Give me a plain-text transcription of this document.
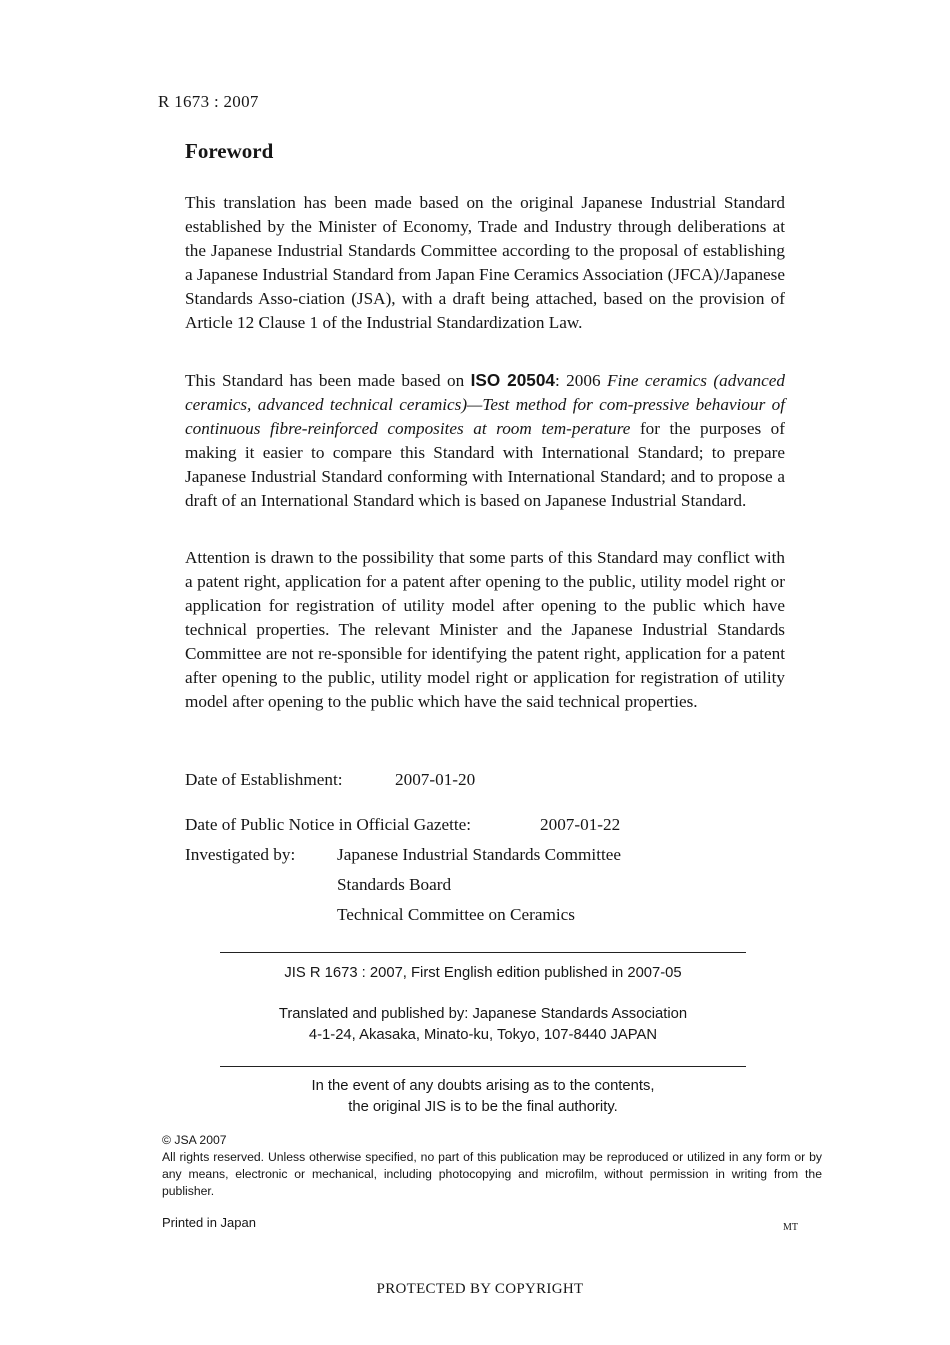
R 1673 : 2007
Foreword

This translation has been made based on the original Japanese Industrial Standard established by the Minister of Economy, Trade and Industry through deliberations at the Japanese Industrial Standards Committee according to the proposal of establishing a Japanese Industrial Standard from Japan Fine Ceramics Association (JFCA)/Japanese Standards Asso-ciation (JSA), with a draft being attached, based on the provision of Article 12 Clause 1 of the Industrial Standardization Law.

This Standard has been made based on ISO 20504: 2006 Fine ceramics (advanced ceramics, advanced technical ceramics)—Test method for com-pressive behaviour of continuous fibre-reinforced composites at room tem-perature for the purposes of making it easier to compare this Standard with International Standard; to prepare Japanese Industrial Standard conforming with International Standard; and to propose a draft of an International Standard which is based on Japanese Industrial Standard.

Attention is drawn to the possibility that some parts of this Standard may conflict with a patent right, application for a patent after opening to the public, utility model right or application for registration of utility model after opening to the public which have technical properties. The relevant Minister and the Japanese Industrial Standards Committee are not re-sponsible for identifying the patent right, application for a patent after opening to the public, utility model right or application for registration of utility model after opening to the public which have the said technical properties.

Date of Establishment:	2007-01-20
Date of Public Notice in Official Gazette:	2007-01-22
Investigated by: Japanese Industrial Standards Committee
Standards Board
Technical Committee on Ceramics
JIS R 1673 : 2007, First English edition published in 2007-05
Translated and published by: Japanese Standards Association
4-1-24, Akasaka, Minato-ku, Tokyo, 107-8440 JAPAN
In the event of any doubts arising as to the contents,
the original JIS is to be the final authority.
© JSA 2007
All rights reserved. Unless otherwise specified, no part of this publication may be reproduced or utilized in any form or by any means, electronic or mechanical, including photocopying and microfilm, without permission in writing from the publisher.
Printed in Japan	MT
PROTECTED BY COPYRIGHT
